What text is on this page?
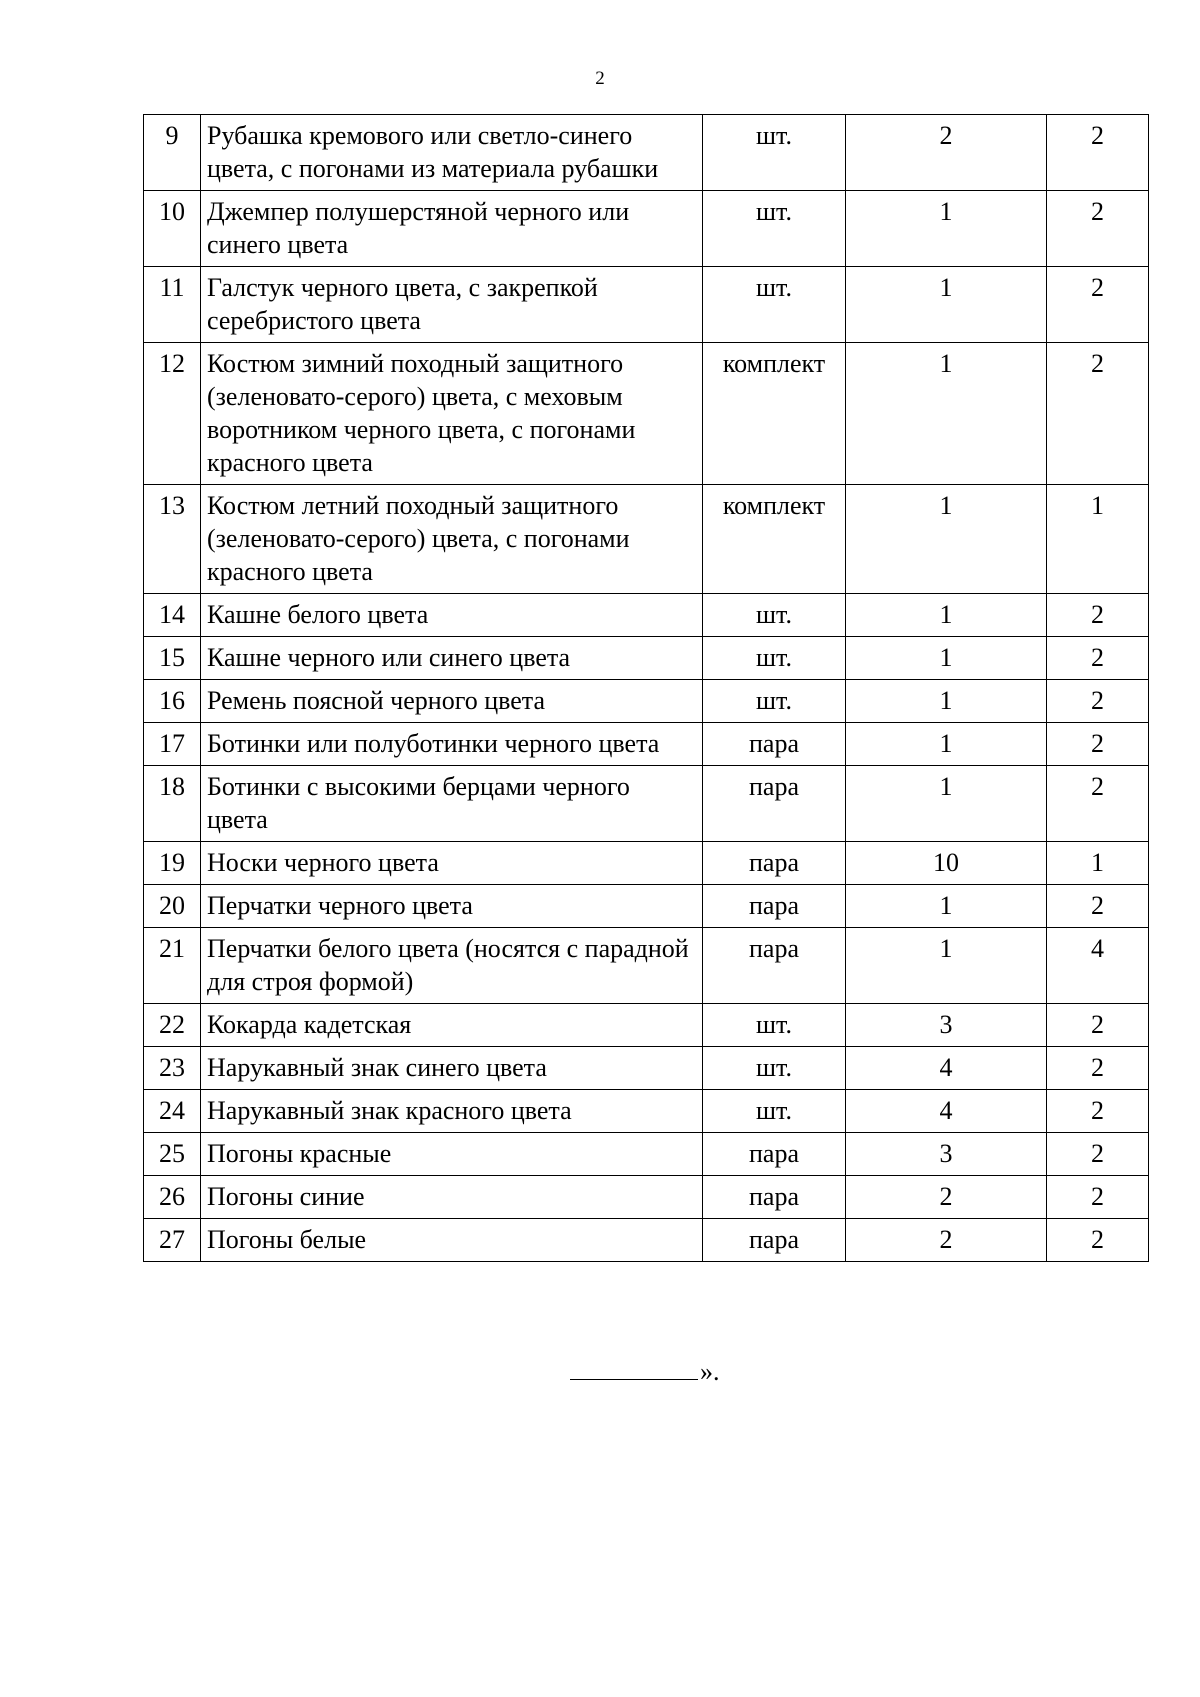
2
9	Рубашка кремового или светло-синего цвета, с погонами из материала рубашки	шт.	2	2
10	Джемпер полушерстяной черного или синего цвета	шт.	1	2
11	Галстук черного цвета, с закрепкой серебристого цвета	шт.	1	2
12	Костюм зимний походный защитного (зеленовато-серого) цвета, с меховым воротником черного цвета, с погонами красного цвета	комплект	1	2
13	Костюм летний походный защитного (зеленовато-серого) цвета, с погонами красного цвета	комплект	1	1
14	Кашне белого цвета	шт.	1	2
15	Кашне черного или синего цвета	шт.	1	2
16	Ремень поясной черного цвета	шт.	1	2
17	Ботинки или полуботинки черного цвета	пара	1	2
18	Ботинки с высокими берцами черного цвета	пара	1	2
19	Носки черного цвета	пара	10	1
20	Перчатки черного цвета	пара	1	2
21	Перчатки белого цвета (носятся с парадной для строя формой)	пара	1	4
22	Кокарда кадетская	шт.	3	2
23	Нарукавный знак синего цвета	шт.	4	2
24	Нарукавный знак красного цвета	шт.	4	2
25	Погоны красные	пара	3	2
26	Погоны синие	пара	2	2
27	Погоны белые	пара	2	2
».
